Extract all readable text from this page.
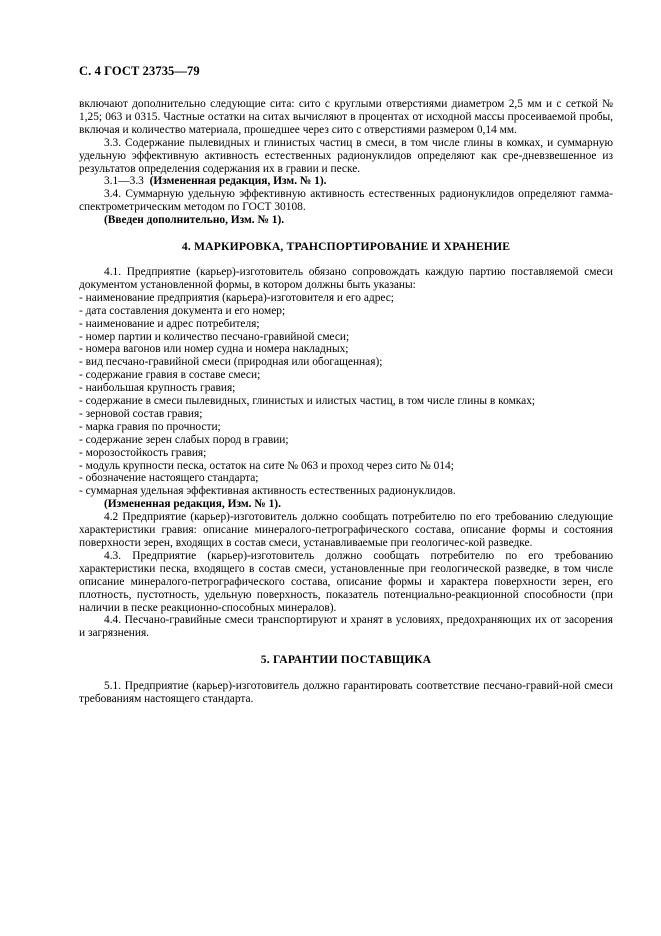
С. 4 ГОСТ 23735—79

включают дополнительно следующие сита: сито с круглыми отверстиями диаметром 2,5 мм и с сеткой № 1,25; 063 и 0315. Частные остатки на ситах вычисляют в процентах от исходной массы просеиваемой пробы, включая и количество материала, прошедшее через сито с отверстиями размером 0,14 мм.

3.3. Содержание пылевидных и глинистых частиц в смеси, в том числе глины в комках, и суммарную удельную эффективную активность естественных радионуклидов определяют как сре-дневзвешенное из результатов определения содержания их в гравии и песке.

3.1—3.3 (Измененная редакция, Изм. № 1).

3.4. Суммарную удельную эффективную активность естественных радионуклидов определяют гамма-спектрометрическим методом по ГОСТ 30108.

(Введен дополнительно, Изм. № 1).

4. МАРКИРОВКА, ТРАНСПОРТИРОВАНИЕ И ХРАНЕНИЕ

4.1. Предприятие (карьер)-изготовитель обязано сопровождать каждую партию поставляемой смеси документом установленной формы, в котором должны быть указаны:

- наименование предприятия (карьера)-изготовителя и его адрес;

- дата составления документа и его номер;

- наименование и адрес потребителя;

- номер партии и количество песчано-гравийной смеси;

- номера вагонов или номер судна и номера накладных;

- вид песчано-гравийной смеси (природная или обогащенная);

- содержание гравия в составе смеси;

- наибольшая крупность гравия;

- содержание в смеси пылевидных, глинистых и илистых частиц, в том числе глины в комках;

- зерновой состав гравия;

- марка гравия по прочности;

- содержание зерен слабых пород в гравии;

- морозостойкость гравия;

- модуль крупности песка, остаток на сите № 063 и проход через сито № 014;

- обозначение настоящего стандарта;

- суммарная удельная эффективная активность естественных радионуклидов.

(Измененная редакция, Изм. № 1).

4.2 Предприятие (карьер)-изготовитель должно сообщать потребителю по его требованию следующие характеристики гравия: описание минералого-петрографического состава, описание формы и состояния поверхности зерен, входящих в состав смеси, устанавливаемые при геологичес-кой разведке.

4.3. Предприятие (карьер)-изготовитель должно сообщать потребителю по его требованию характеристики песка, входящего в состав смеси, установленные при геологической разведке, в том числе описание минералого-петрографического состава, описание формы и характера поверхности зерен, его плотность, пустотность, удельную поверхность, показатель потенциально-реакционной способности (при наличии в песке реакционно-способных минералов).

4.4. Песчано-гравийные смеси транспортируют и хранят в условиях, предохраняющих их от засорения и загрязнения.

5. ГАРАНТИИ ПОСТАВЩИКА

5.1. Предприятие (карьер)-изготовитель должно гарантировать соответствие песчано-гравий-ной смеси требованиям настоящего стандарта.
